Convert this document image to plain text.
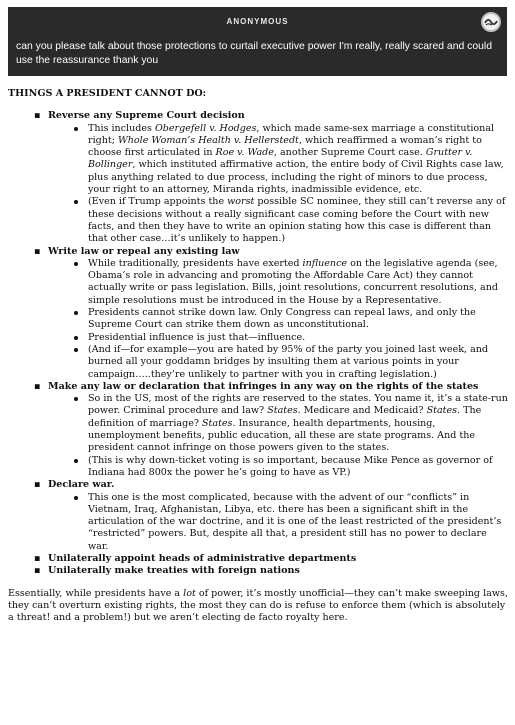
ANONYMOUS
can you please talk about those protections to curtail executive power I'm really, really scared and could use the reassurance thank you

THINGS A PRESIDENT CANNOT DO:

▪ Reverse any Supreme Court decision
This includes Obergefell v. Hodges, which made same-sex marriage a constitutional right; Whole Woman’s Health v. Hellerstedt, which reaffirmed a woman’s right to choose first articulated in Roe v. Wade, another Supreme Court case. Grutter v. Bollinger, which instituted affirmative action, the entire body of Civil Rights case law, plus anything related to due process, including the right of minors to due process, your right to an attorney, Miranda rights, inadmissible evidence, etc.
(Even if Trump appoints the worst possible SC nominee, they still can’t reverse any of these decisions without a really significant case coming before the Court with new facts, and then they have to write an opinion stating how this case is different than that other case…it’s unlikely to happen.)
▪ Write law or repeal any existing law
While traditionally, presidents have exerted influence on the legislative agenda (see, Obama’s role in advancing and promoting the Affordable Care Act) they cannot actually write or pass legislation. Bills, joint resolutions, concurrent resolutions, and simple resolutions must be introduced in the House by a Representative.
Presidents cannot strike down law. Only Congress can repeal laws, and only the Supreme Court can strike them down as unconstitutional.
Presidential influence is just that—influence.
(And if—for example—you are hated by 95% of the party you joined last week, and burned all your goddamn bridges by insulting them at various points in your campaign…..they’re unlikely to partner with you in crafting legislation.)
▪ Make any law or declaration that infringes in any way on the rights of the states
So in the US, most of the rights are reserved to the states. You name it, it’s a state-run power. Criminal procedure and law? States. Medicare and Medicaid? States. The definition of marriage? States. Insurance, health departments, housing, unemployment benefits, public education, all these are state programs. And the president cannot infringe on those powers given to the states.
(This is why down-ticket voting is so important, because Mike Pence as governor of Indiana had 800x the power he’s going to have as VP.)
▪ Declare war.
This one is the most complicated, because with the advent of our “conflicts” in Vietnam, Iraq, Afghanistan, Libya, etc. there has been a significant shift in the articulation of the war doctrine, and it is one of the least restricted of the president’s “restricted” powers. But, despite all that, a president still has no power to declare war.
▪ Unilaterally appoint heads of administrative departments
▪ Unilaterally make treaties with foreign nations

Essentially, while presidents have a lot of power, it’s mostly unofficial—they can’t make sweeping laws, they can’t overturn existing rights, the most they can do is refuse to enforce them (which is absolutely a threat! and a problem!) but we aren’t electing de facto royalty here.
